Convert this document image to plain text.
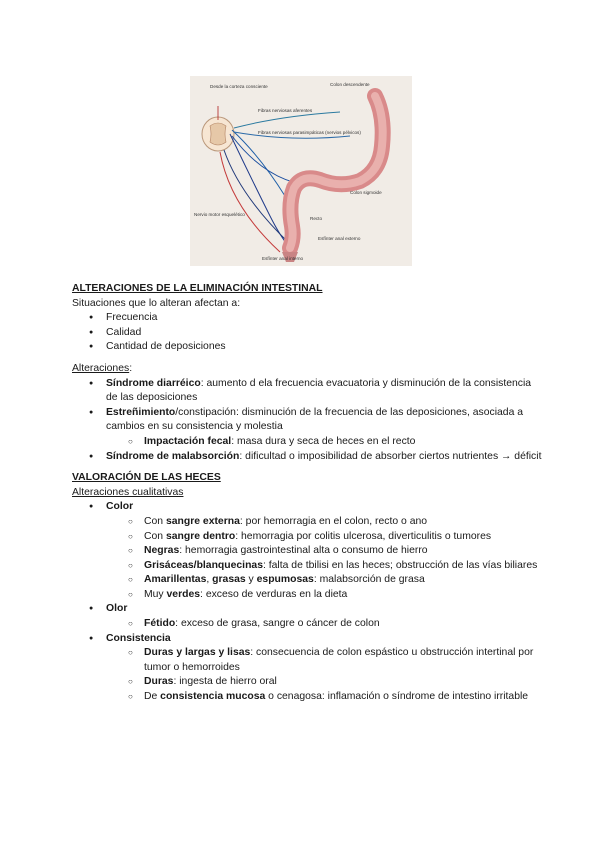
Desde la corteza consciente	Colon descendente
Fibras nerviosas aferentes
Fibras nerviosas parasimpáticas (nervios pélvicos)
Colon sigmoide
Nervio motor esquelético
Recto
Esfínter anal externo
Esfínter anal interno

ALTERACIONES DE LA ELIMINACIÓN INTESTINAL

Situaciones que lo alteran afectan a:

● Frecuencia
● Calidad
● Cantidad de deposiciones

Alteraciones:

● Síndrome diarréico: aumento d ela frecuencia evacuatoria y disminución de la consistencia de las deposiciones
● Estreñimiento/constipación: disminución de la frecuencia de las deposiciones, asociada a cambios en su consistencia y molestia
○ Impactación fecal: masa dura y seca de heces en el recto
● Síndrome de malabsorción: dificultad o imposibilidad de absorber ciertos nutrientes → déficit

VALORACIÓN DE LAS HECES

Alteraciones cualitativas

● Color
○ Con sangre externa: por hemorragia en el colon, recto o ano
○ Con sangre dentro: hemorragia por colitis ulcerosa, diverticulitis o tumores
○ Negras: hemorragia gastrointestinal alta o consumo de hierro
○ Grisáceas/blanquecinas: falta de tbilisi en las heces; obstrucción de las vías biliares
○ Amarillentas, grasas y espumosas: malabsorción de grasa
○ Muy verdes: exceso de verduras en la dieta
● Olor
○ Fétido: exceso de grasa, sangre o cáncer de colon
● Consistencia
○ Duras y largas y lisas: consecuencia de colon espástico u obstrucción intertinal por tumor o hemorroides
○ Duras: ingesta de hierro oral
○ De consistencia mucosa o cenagosa: inflamación o síndrome de intestino irritable
